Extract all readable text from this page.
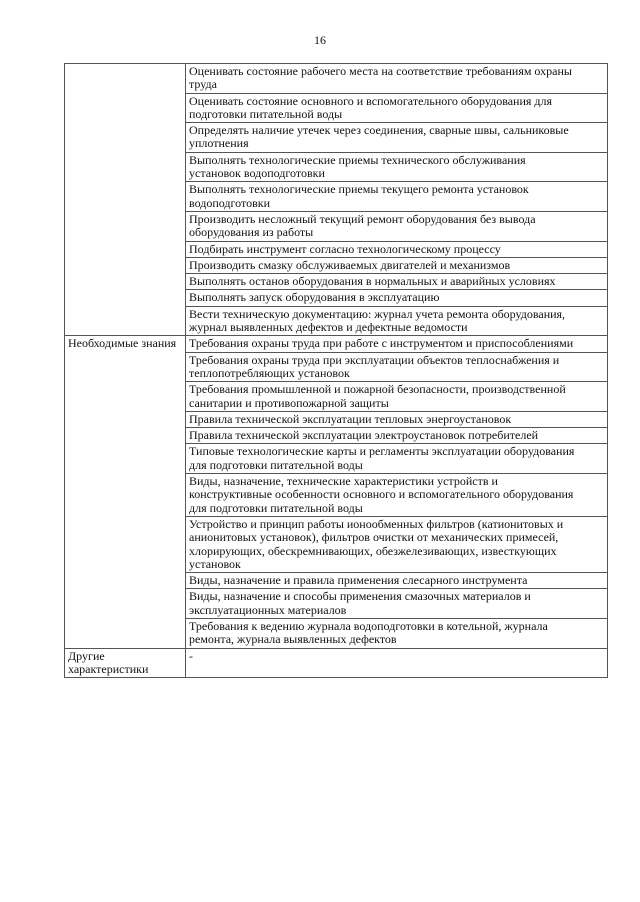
16

	Оценивать состояние рабочего места на соответствие требованиям охраны
труда

	Оценивать состояние основного и вспомогательного оборудования для
подготовки питательной воды

	Определять наличие утечек через соединения, сварные швы, сальниковые
уплотнения

	Выполнять технологические приемы технического обслуживания
установок водоподготовки

	Выполнять технологические приемы текущего ремонта установок
водоподготовки

	Производить несложный текущий ремонт оборудования без вывода
оборудования из работы

	Подбирать инструмент согласно технологическому процессу

	Производить смазку обслуживаемых двигателей и механизмов

	Выполнять останов оборудования в нормальных и аварийных условиях

	Выполнять запуск оборудования в эксплуатацию

	Вести техническую документацию: журнал учета ремонта оборудования,
журнал выявленных дефектов и дефектные ведомости

Необходимые знания	Требования охраны труда при работе с инструментом и приспособлениями

	Требования охраны труда при эксплуатации объектов теплоснабжения и
теплопотребляющих установок

	Требования промышленной и пожарной безопасности, производственной
санитарии и противопожарной защиты

	Правила технической эксплуатации тепловых энергоустановок

	Правила технической эксплуатации электроустановок потребителей

	Типовые технологические карты и регламенты эксплуатации оборудования
для подготовки питательной воды

	Виды, назначение, технические характеристики устройств и
конструктивные особенности основного и вспомогательного оборудования
для подготовки питательной воды

	Устройство и принцип работы ионообменных фильтров (катионитовых и
анионитовых установок), фильтров очистки от механических примесей,
хлорирующих, обескремнивающих, обезжелезивающих, известкующих
установок

	Виды, назначение и правила применения слесарного инструмента

	Виды, назначение и способы применения смазочных материалов и
эксплуатационных материалов

	Требования к ведению журнала водоподготовки в котельной, журнала
ремонта, журнала выявленных дефектов

Другие характеристики	-
